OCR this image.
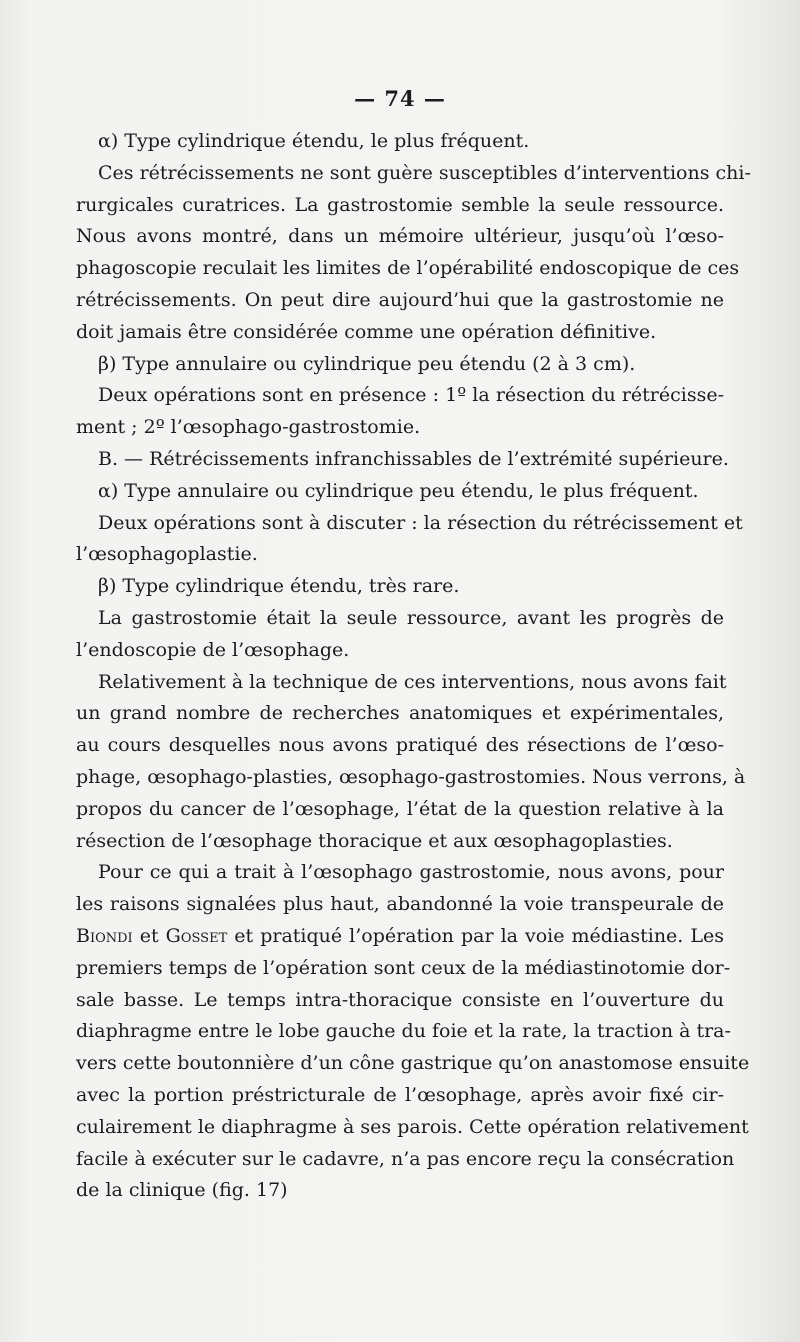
— 74 —
α) Type cylindrique étendu, le plus fréquent.
Ces rétrécissements ne sont guère susceptibles d’interventions chi-
rurgicales curatrices. La gastrostomie semble la seule ressource.
Nous avons montré, dans un mémoire ultérieur, jusqu’où l’œso-
phagoscopie reculait les limites de l’opérabilité endoscopique de ces
rétrécissements. On peut dire aujourd’hui que la gastrostomie ne
doit jamais être considérée comme une opération définitive.
β) Type annulaire ou cylindrique peu étendu (2 à 3 cm).
Deux opérations sont en présence : 1º la résection du rétrécisse-
ment ; 2º l’œsophago-gastrostomie.
B. — Rétrécissements infranchissables de l’extrémité supérieure.
α) Type annulaire ou cylindrique peu étendu, le plus fréquent.
Deux opérations sont à discuter : la résection du rétrécissement et
l’œsophagoplastie.
β) Type cylindrique étendu, très rare.
La gastrostomie était la seule ressource, avant les progrès de
l’endoscopie de l’œsophage.
Relativement à la technique de ces interventions, nous avons fait
un grand nombre de recherches anatomiques et expérimentales,
au cours desquelles nous avons pratiqué des résections de l’œso-
phage, œsophago-plasties, œsophago-gastrostomies. Nous verrons, à
propos du cancer de l’œsophage, l’état de la question relative à la
résection de l’œsophage thoracique et aux œsophagoplasties.
Pour ce qui a trait à l’œsophago gastrostomie, nous avons, pour
les raisons signalées plus haut, abandonné la voie transpeurale de
Biondi et Gosset et pratiqué l’opération par la voie médiastine. Les
premiers temps de l’opération sont ceux de la médiastinotomie dor-
sale basse. Le temps intra-thoracique consiste en l’ouverture du
diaphragme entre le lobe gauche du foie et la rate, la traction à tra-
vers cette boutonnière d’un cône gastrique qu’on anastomose ensuite
avec la portion préstricturale de l’œsophage, après avoir fixé cir-
culairement le diaphragme à ses parois. Cette opération relativement
facile à exécuter sur le cadavre, n’a pas encore reçu la consécration
de la clinique (fig. 17)
